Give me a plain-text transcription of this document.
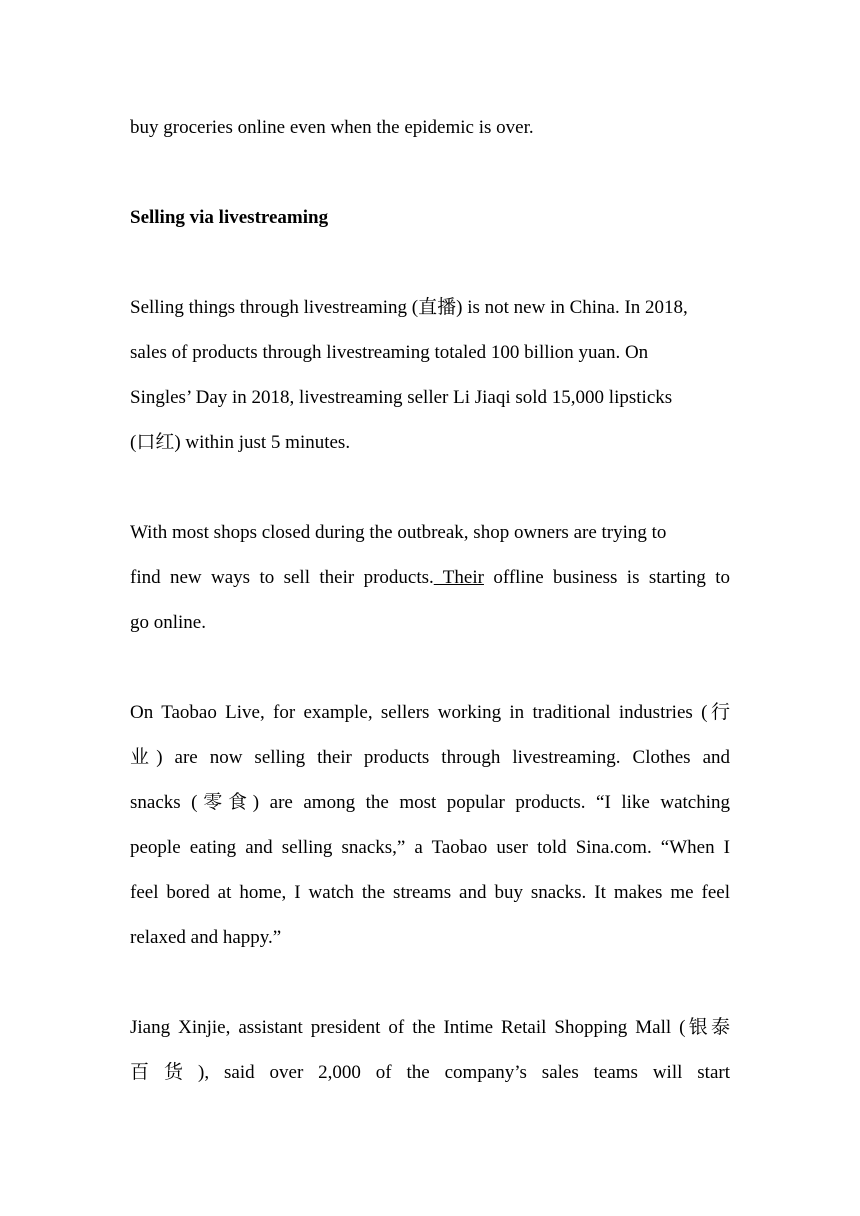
buy groceries online even when the epidemic is over.
Selling via livestreaming
Selling things through livestreaming (直播) is not new in China. In 2018,
sales of products through livestreaming totaled 100 billion yuan. On
Singles’ Day in 2018, livestreaming seller Li Jiaqi sold 15,000 lipsticks
(口红) within just 5 minutes.
With most shops closed during the outbreak, shop owners are trying to
find new ways to sell their products. Their offline business is starting to
go online.
On Taobao Live, for example, sellers working in traditional industries (行
业) are now selling their products through livestreaming. Clothes and
snacks (零食) are among the most popular products. “I like watching
people eating and selling snacks,” a Taobao user told Sina.com. “When I
feel bored at home, I watch the streams and buy snacks. It makes me feel
relaxed and happy.”
Jiang Xinjie, assistant president of the Intime Retail Shopping Mall (银泰
百 货 ), said over 2,000 of the company’s sales teams will start
